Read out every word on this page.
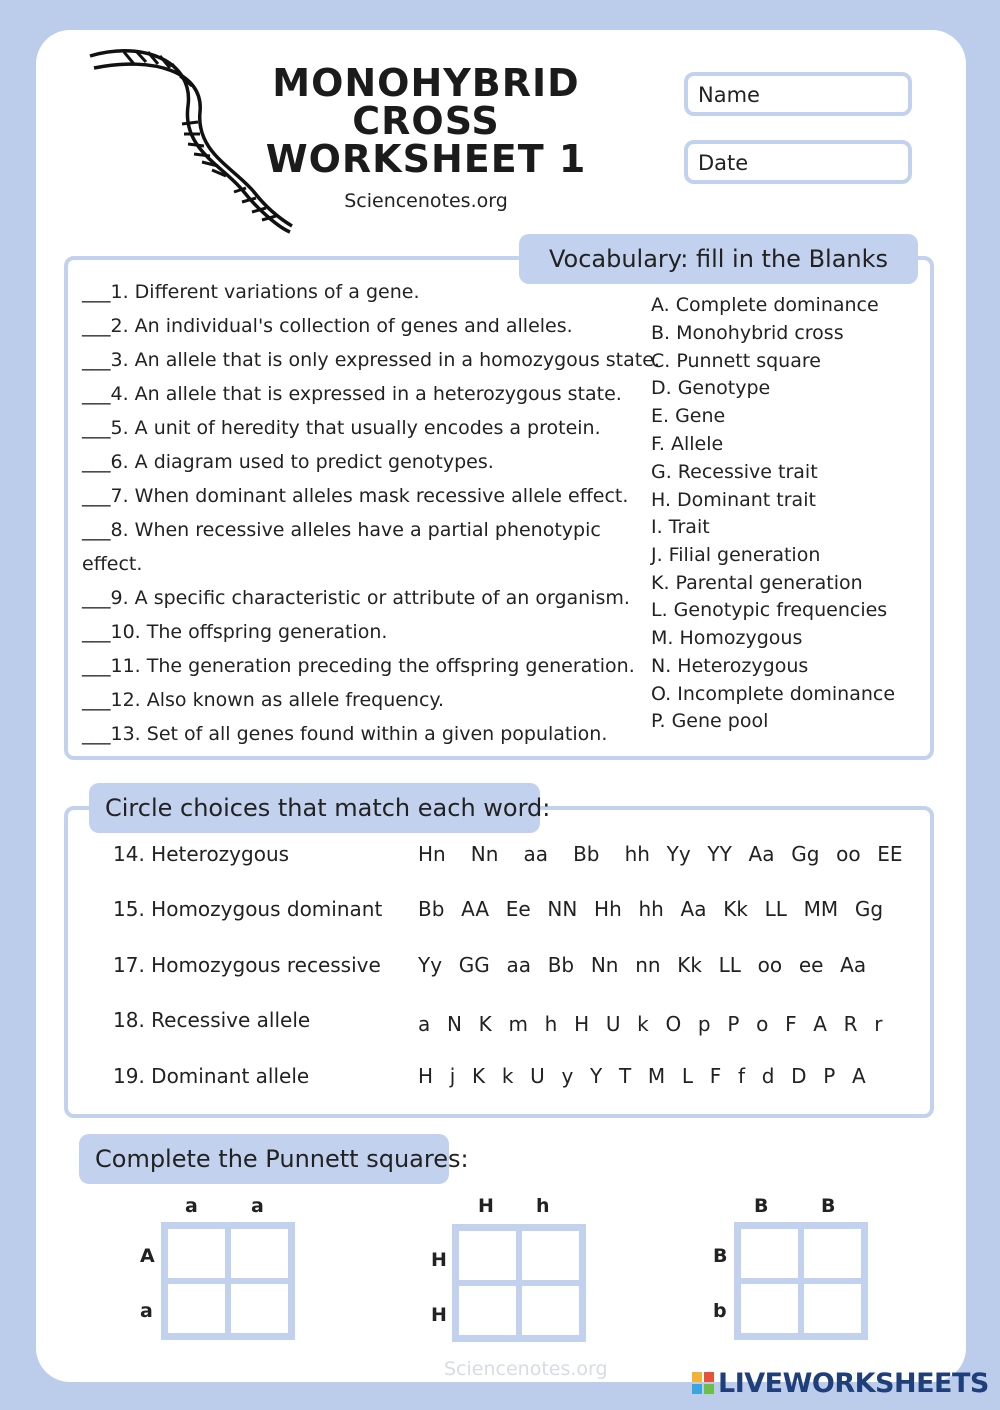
MONOHYBRID
CROSS
WORKSHEET 1
Sciencenotes.org
Name
Date
Vocabulary: fill in the Blanks
___1. Different variations of a gene.
___2. An individual's collection of genes and alleles.
___3. An allele that is only expressed in a homozygous state.
___4. An allele that is expressed in a heterozygous state.
___5. A unit of heredity that usually encodes a protein.
___6. A diagram used to predict genotypes.
___7. When dominant alleles mask recessive allele effect.
___8. When recessive alleles have a partial phenotypic
effect.
___9. A specific characteristic or attribute of an organism.
___10. The offspring generation.
___11. The generation preceding the offspring generation.
___12. Also known as allele frequency.
___13. Set of all genes found within a given population.
A. Complete dominance
B. Monohybrid cross
C. Punnett square
D. Genotype
E. Gene
F. Allele
G. Recessive trait
H. Dominant trait
I. Trait
J. Filial generation
K. Parental generation
L. Genotypic frequencies
M. Homozygous
N. Heterozygous
O. Incomplete dominance
P. Gene pool
Circle choices that match each word:
14. Heterozygous	Hn   Nn   aa   Bb   hh  Yy  YY  Aa  Gg  oo  EE
15. Homozygous dominant Bb  AA  Ee  NN  Hh  hh  Aa  Kk  LL  MM  Gg
17. Homozygous recessive Yy  GG  aa  Bb  Nn  nn  Kk  LL  oo  ee  Aa
18. Recessive allele	a  N  K  m  h  H  U  k  O  p  P  o  F  A  R  r
19. Dominant allele	H  j  K  k  U  y  Y  T  M  L  F  f  d  D  P  A
Complete the Punnett squares:
a	a
A
a
H h
H
H
B	B
B
b
Sciencenotes.org	LIVEWORKSHEETS
